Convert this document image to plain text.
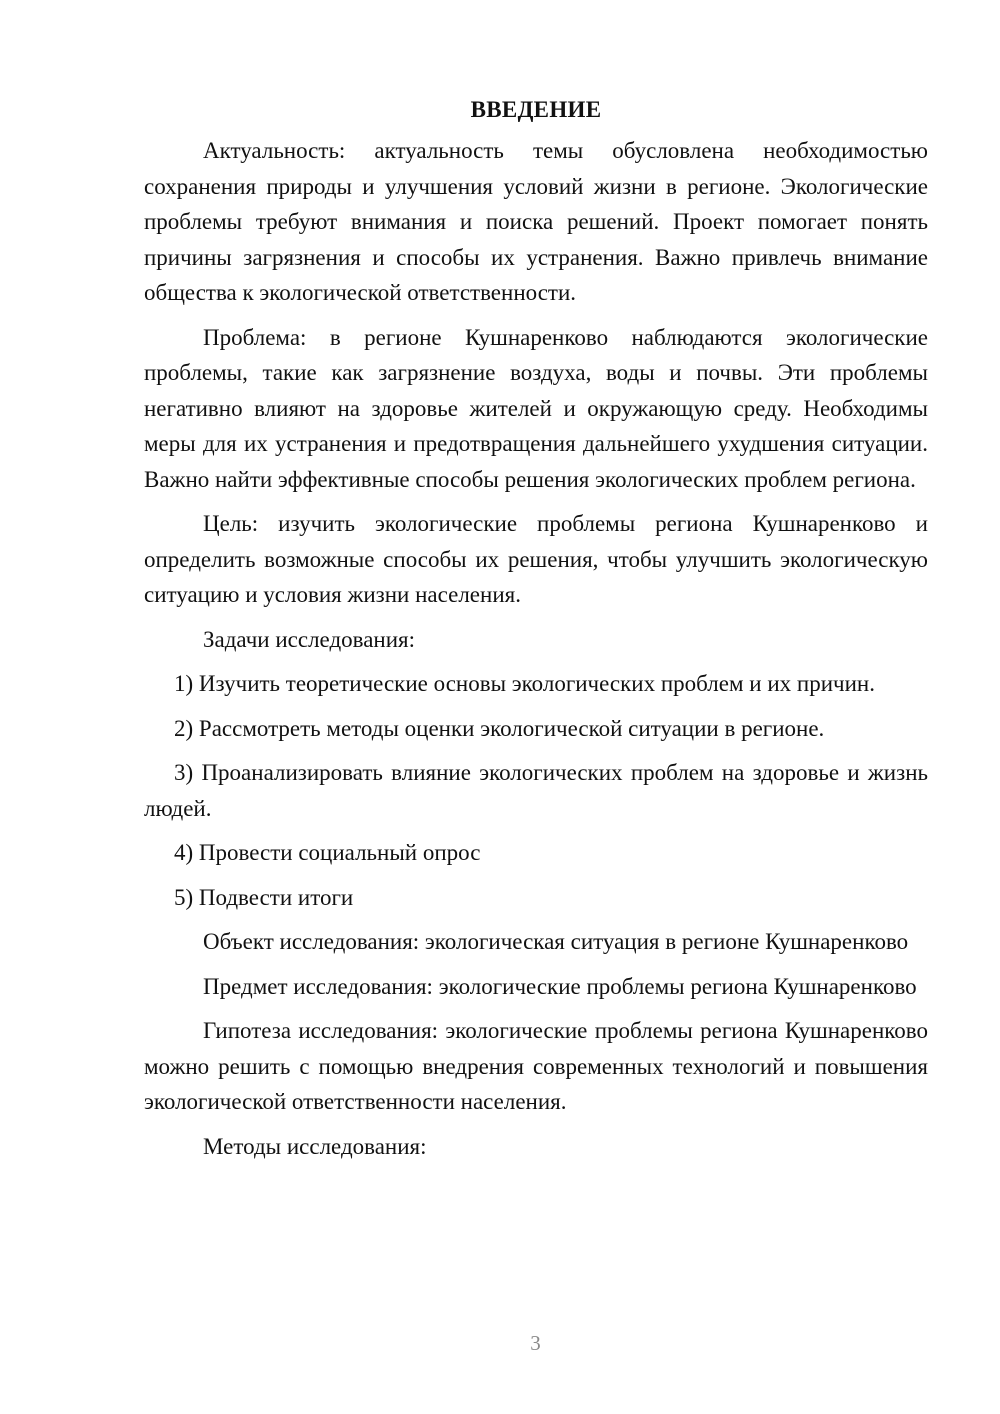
ВВЕДЕНИЕ

Актуальность: актуальность темы обусловлена необходимостью сохранения природы и улучшения условий жизни в регионе. Экологические проблемы требуют внимания и поиска решений. Проект помогает понять причины загрязнения и способы их устранения. Важно привлечь внимание общества к экологической ответственности.

Проблема: в регионе Кушнаренково наблюдаются экологические проблемы, такие как загрязнение воздуха, воды и почвы. Эти проблемы негативно влияют на здоровье жителей и окружающую среду. Необходимы меры для их устранения и предотвращения дальнейшего ухудшения ситуации. Важно найти эффективные способы решения экологических проблем региона.

Цель: изучить экологические проблемы региона Кушнаренково и определить возможные способы их решения, чтобы улучшить экологическую ситуацию и условия жизни населения.

Задачи исследования:

1) Изучить теоретические основы экологических проблем и их причин.

2) Рассмотреть методы оценки экологической ситуации в регионе.

3) Проанализировать влияние экологических проблем на здоровье и жизнь людей.

4) Провести социальный опрос

5) Подвести итоги

Объект исследования: экологическая ситуация в регионе Кушнаренково

Предмет исследования: экологические проблемы региона Кушнаренково

Гипотеза исследования: экологические проблемы региона Кушнаренково можно решить с помощью внедрения современных технологий и повышения экологической ответственности населения.

Методы исследования:

3
